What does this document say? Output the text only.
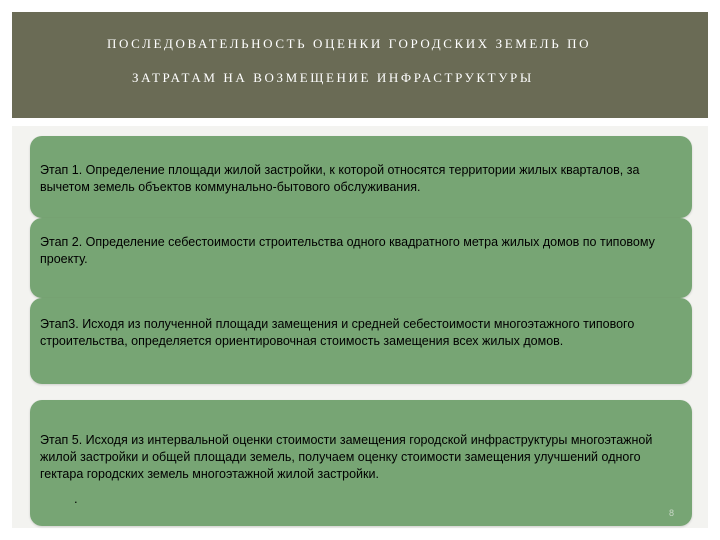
ПОСЛЕДОВАТЕЛЬНОСТЬ ОЦЕНКИ ГОРОДСКИХ ЗЕМЕЛЬ ПО
ЗАТРАТАМ НА ВОЗМЕЩЕНИЕ ИНФРАСТРУКТУРЫ
Этап 1. Определение площади жилой застройки, к которой относятся территории жилых кварталов, за вычетом земель объектов коммунально-бытового обслуживания.
Этап 2. Определение себестоимости строительства одного квадратного метра жилых домов по типовому проекту.
Этап3. Исходя из полученной площади замещения и средней себестоимости многоэтажного типового строительства, определяется ориентировочная стоимость замещения всех жилых домов.
Этап 5. Исходя из интервальной оценки стоимости замещения городской инфраструктуры многоэтажной жилой застройки и общей площади земель, получаем оценку стоимости замещения улучшений одного гектара городских земель многоэтажной жилой застройки.
.
8
